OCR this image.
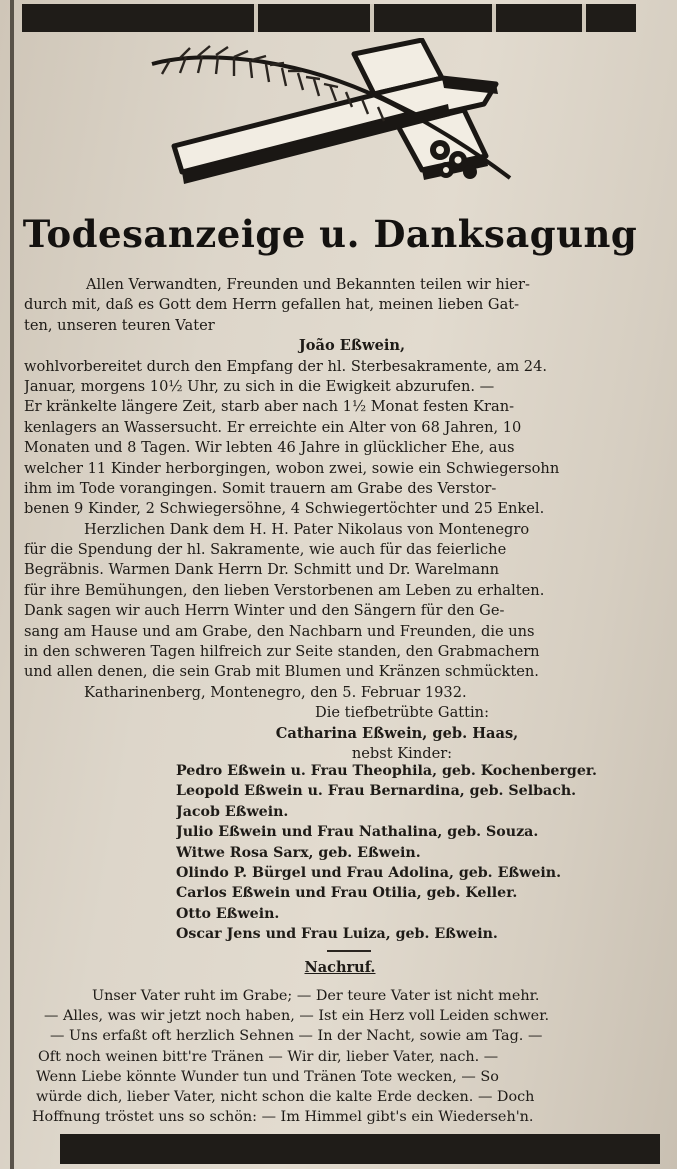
Todesanzeige u. Danksagung
Allen Verwandten, Freunden und Bekannten teilen wir hier-
durch mit, daß es Gott dem Herrn gefallen hat, meinen lieben Gat-
ten, unseren teuren Vater
João Eßwein,
wohlvorbereitet durch den Empfang der hl. Sterbesakramente, am 24.
Januar, morgens 10½ Uhr, zu sich in die Ewigkeit abzurufen. —
Er kränkelte längere Zeit, starb aber nach 1½ Monat festen Kran-
kenlagers an Wassersucht. Er erreichte ein Alter von 68 Jahren, 10
Monaten und 8 Tagen. Wir lebten 46 Jahre in glücklicher Ehe, aus
welcher 11 Kinder herborgingen, wobon zwei, sowie ein Schwiegersohn
ihm im Tode vorangingen. Somit trauern am Grabe des Verstor-
benen 9 Kinder, 2 Schwiegersöhne, 4 Schwiegertöchter und 25 Enkel.
Herzlichen Dank dem H. H. Pater Nikolaus von Montenegro
für die Spendung der hl. Sakramente, wie auch für das feierliche
Begräbnis. Warmen Dank Herrn Dr. Schmitt und Dr. Warelmann
für ihre Bemühungen, den lieben Verstorbenen am Leben zu erhalten.
Dank sagen wir auch Herrn Winter und den Sängern für den Ge-
sang am Hause und am Grabe, den Nachbarn und Freunden, die uns
in den schweren Tagen hilfreich zur Seite standen, den Grabmachern
und allen denen, die sein Grab mit Blumen und Kränzen schmückten.
Katharinenberg, Montenegro, den 5. Februar 1932.
Die tiefbetrübte Gattin:
Catharina Eßwein, geb. Haas,
nebst Kinder:
Pedro Eßwein u. Frau Theophila, geb. Kochenberger.
Leopold Eßwein u. Frau Bernardina, geb. Selbach.
Jacob Eßwein.
Julio Eßwein und Frau Nathalina, geb. Souza.
Witwe Rosa Sarx, geb. Eßwein.
Olindo P. Bürgel und Frau Adolina, geb. Eßwein.
Carlos Eßwein und Frau Otilia, geb. Keller.
Otto Eßwein.
Oscar Jens und Frau Luiza, geb. Eßwein.
Nachruf.
Unser Vater ruht im Grabe; — Der teure Vater ist nicht mehr.
— Alles, was wir jetzt noch haben, — Ist ein Herz voll Leiden schwer.
— Uns erfaßt oft herzlich Sehnen — In der Nacht, sowie am Tag. —
Oft noch weinen bitt're Tränen — Wir dir, lieber Vater, nach. —
Wenn Liebe könnte Wunder tun und Tränen Tote wecken, — So
würde dich, lieber Vater, nicht schon die kalte Erde decken. — Doch
Hoffnung tröstet uns so schön: — Im Himmel gibt's ein Wiederseh'n.
